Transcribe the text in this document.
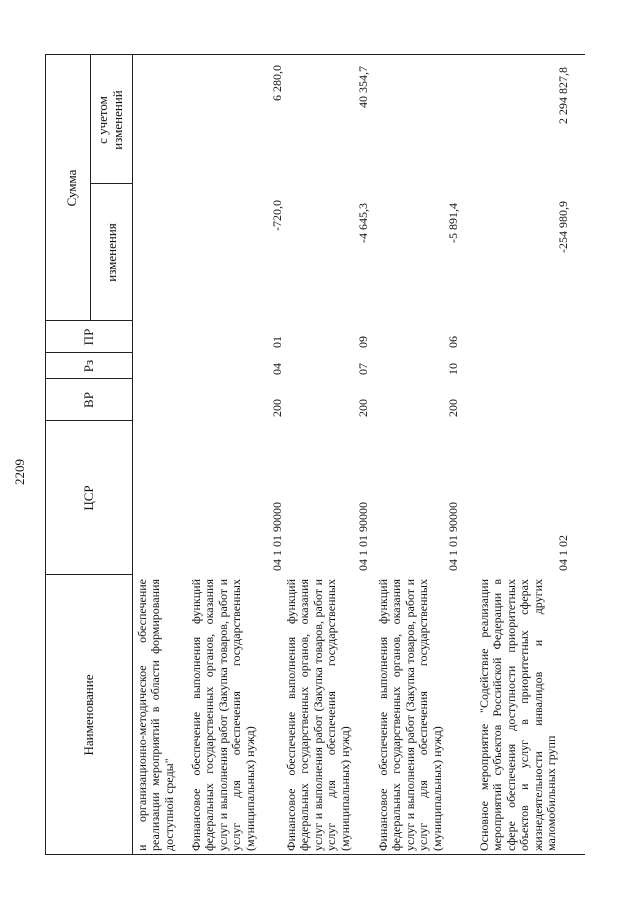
2209
Наименование
ЦСР
ВР
Рз
ПР
Сумма
изменения
с учетом изменений
и организационно-методическое обеспечение реализации мероприятий в области формирования доступной среды" Финансовое обеспечение выполнения функций федеральных государственных органов, оказания услуг и выполнения работ (Закупка товаров, работ и услуг для обеспечения государственных (муниципальных) нужд)
04 1 01 90000
200
04
01
-720,0
6 280,0
Финансовое обеспечение выполнения функций федеральных государственных органов, оказания услуг и выполнения работ (Закупка товаров, работ и услуг для обеспечения государственных (муниципальных) нужд)
04 1 01 90000
200
07
09
-4 645,3
40 354,7
Финансовое обеспечение выполнения функций федеральных государственных органов, оказания услуг и выполнения работ (Закупка товаров, работ и услуг для обеспечения государственных (муниципальных) нужд)
04 1 01 90000
200
10
06
-5 891,4
Основное мероприятие "Содействие реализации мероприятий субъектов Российской Федерации в сфере обеспечения доступности приоритетных объектов и услуг в приоритетных сферах жизнедеятельности инвалидов и других маломобильных групп
04 1 02
-254 980,9
2 294 827,8
